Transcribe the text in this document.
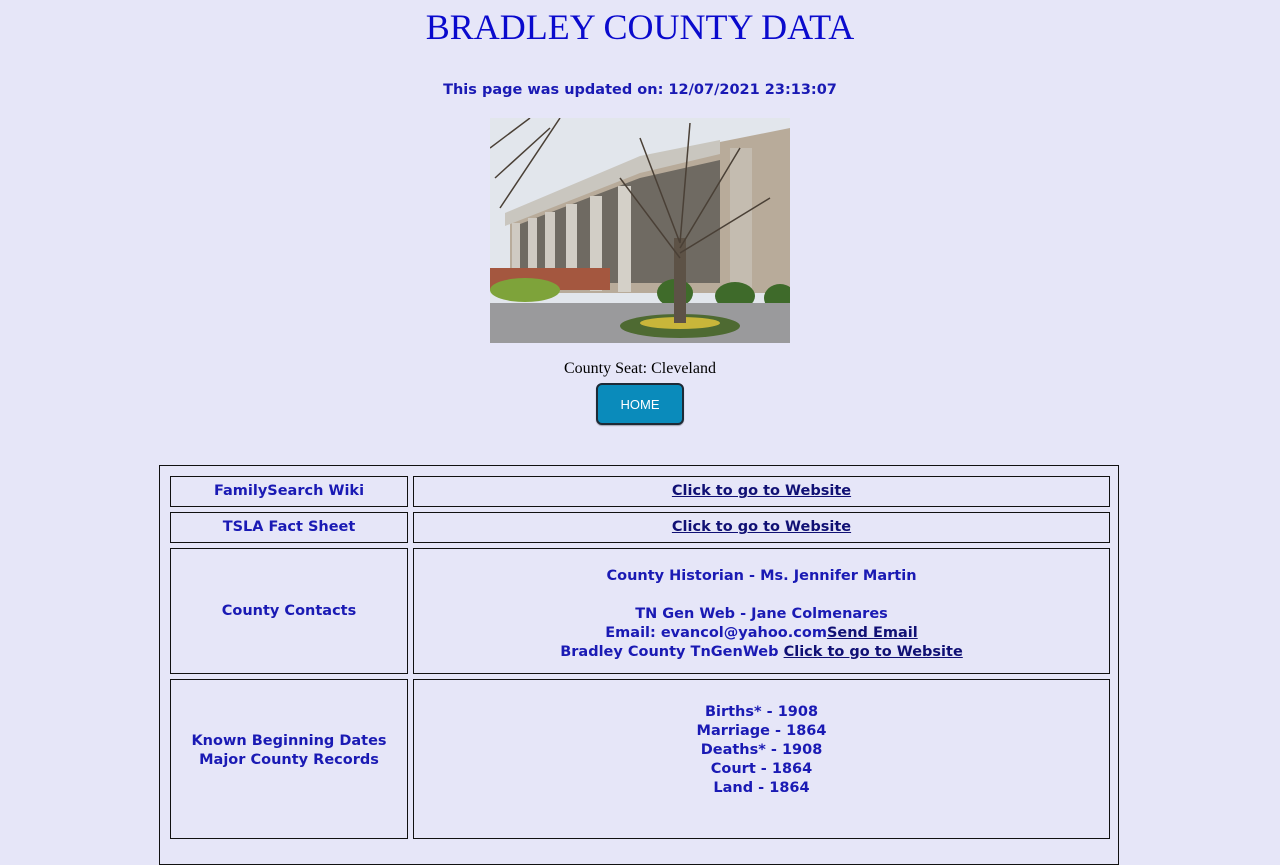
BRADLEY COUNTY DATA
This page was updated on: 12/07/2021 23:13:07
County Seat: Cleveland
HOME
FamilySearch Wiki	Click to go to Website
TSLA Fact Sheet	Click to go to Website
County Contacts
County Historian - Ms. Jennifer Martin
TN Gen Web - Jane Colmenares
Email: evancol@yahoo.comSend Email
Bradley County TnGenWeb Click to go to Website
Known Beginning Dates
Major County Records
Births* - 1908
Marriage - 1864
Deaths* - 1908
Court - 1864
Land - 1864
